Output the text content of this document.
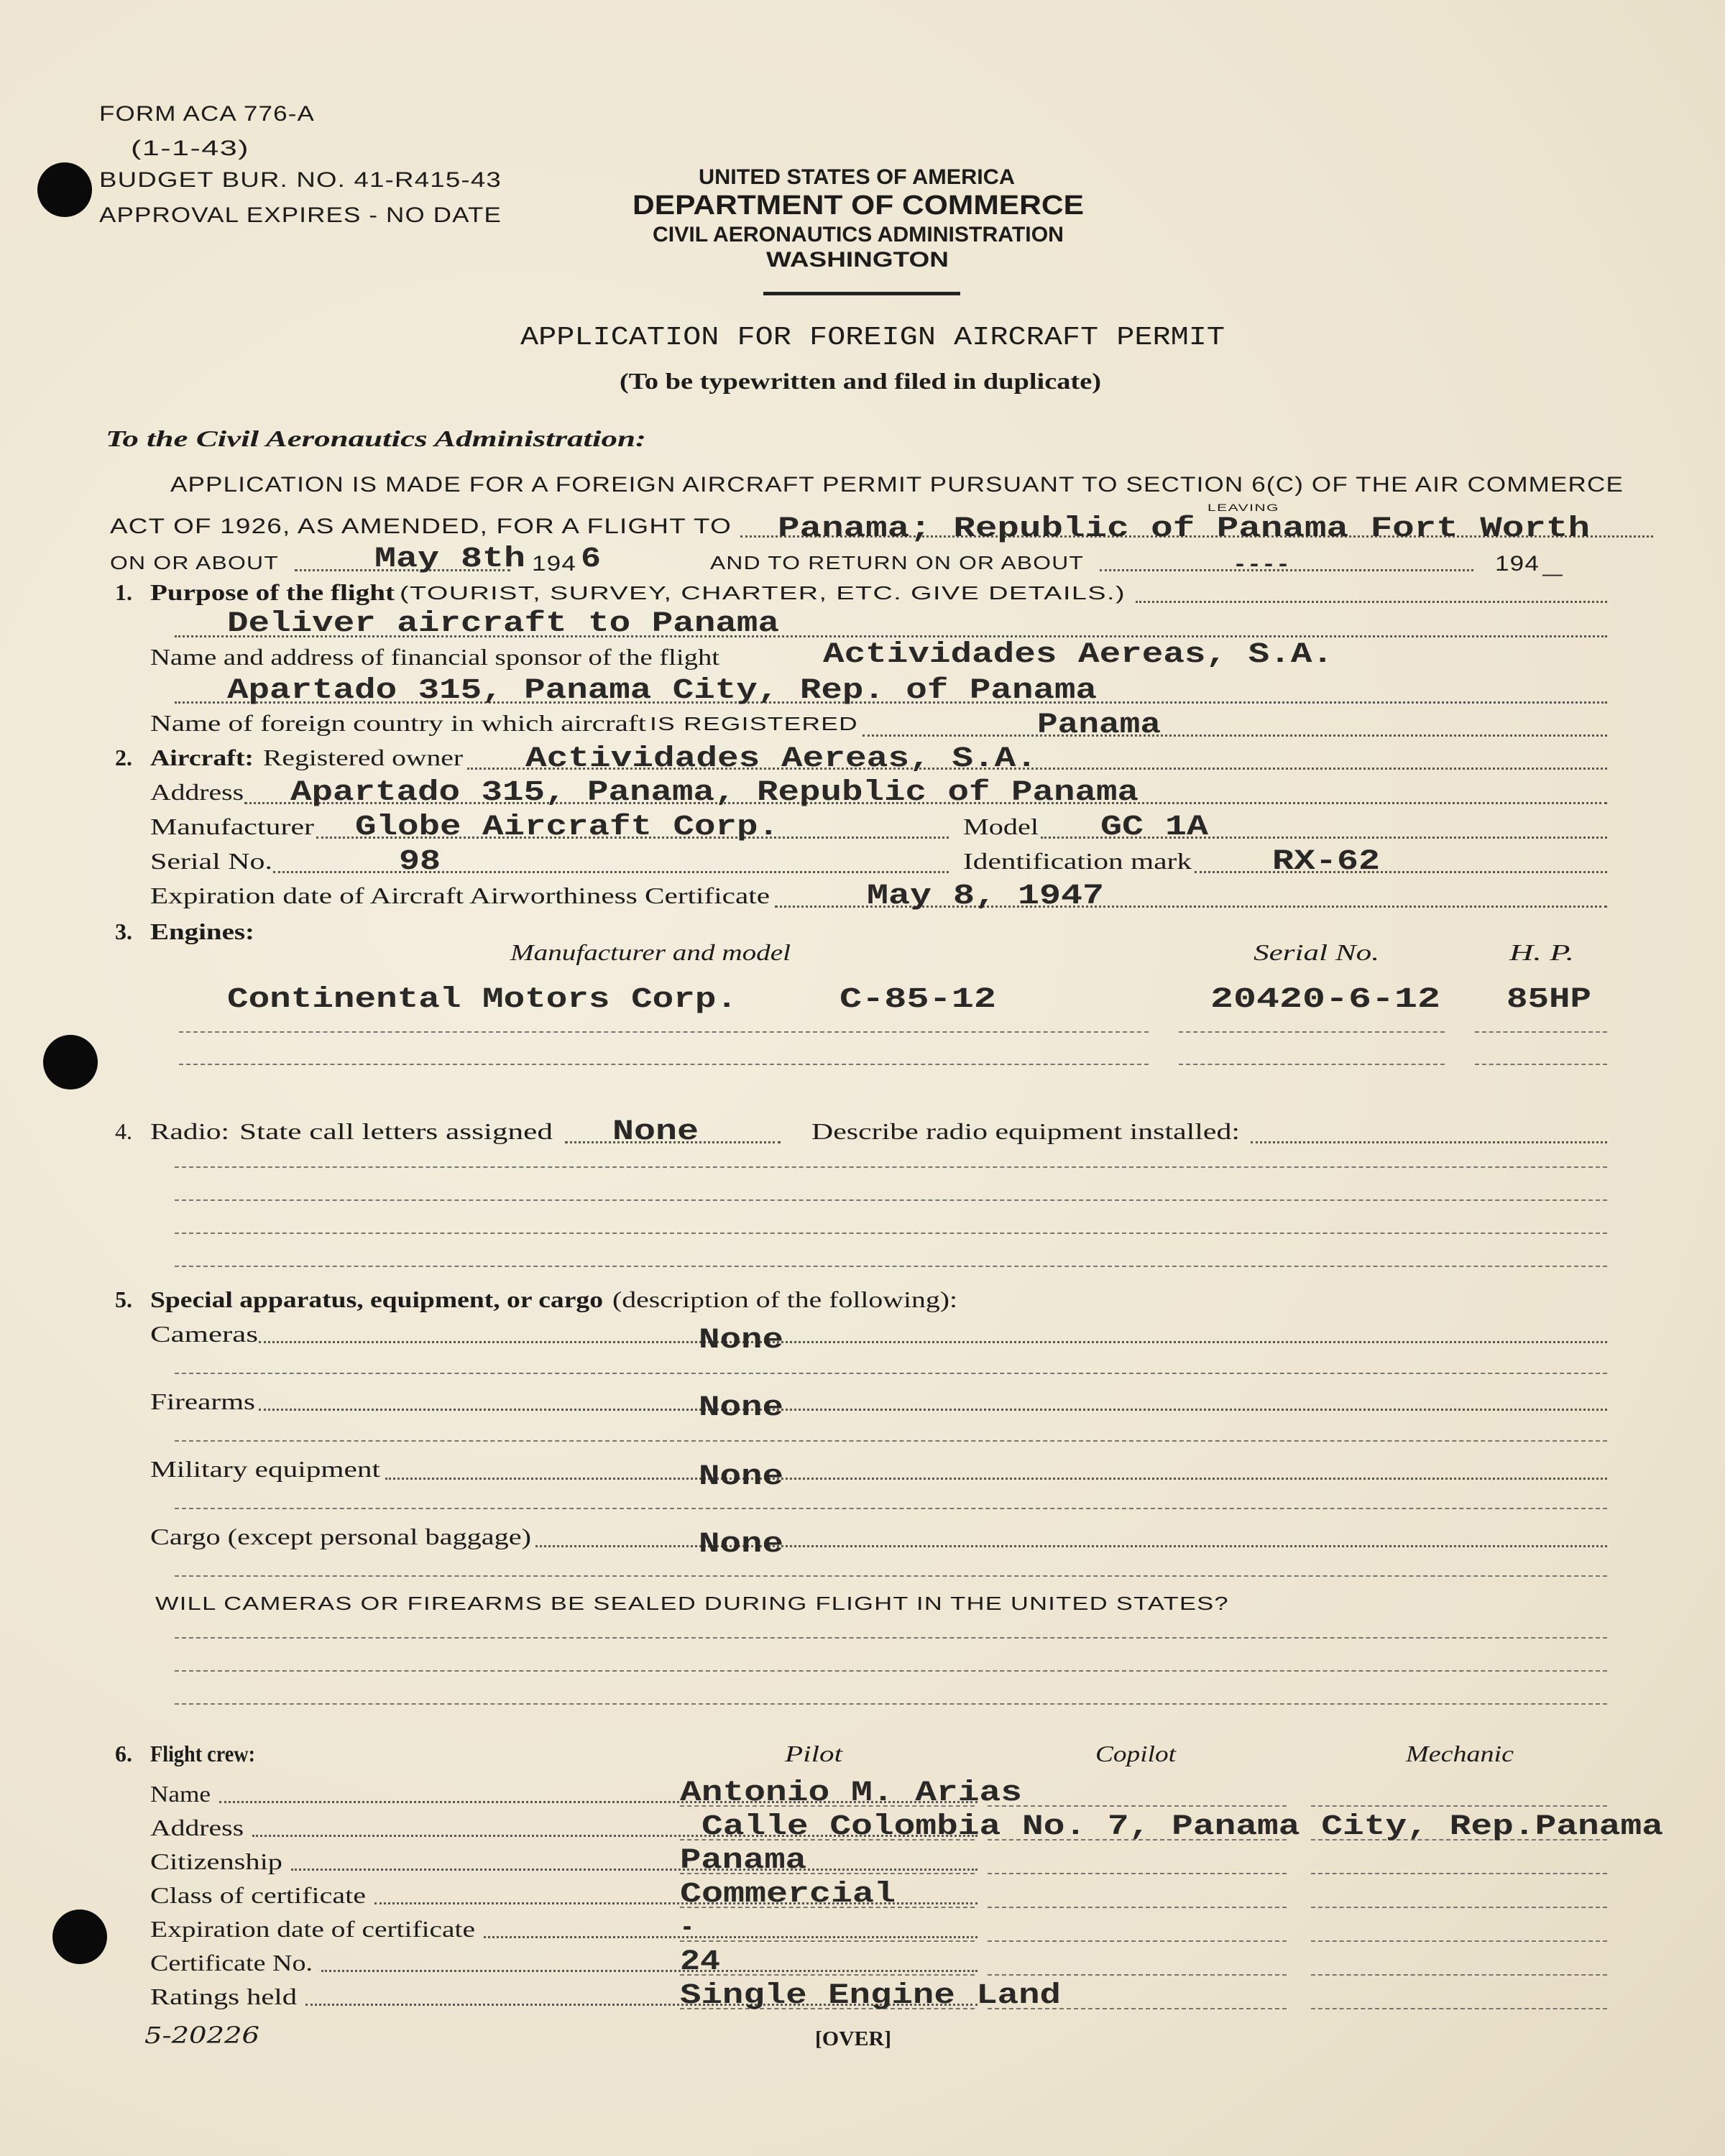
FORM ACA 776-A
(1-1-43)
BUDGET BUR. NO. 41-R415-43
APPROVAL EXPIRES - NO DATE
UNITED STATES OF AMERICA
DEPARTMENT OF COMMERCE
CIVIL AERONAUTICS ADMINISTRATION
WASHINGTON
APPLICATION FOR FOREIGN AIRCRAFT PERMIT
(To be typewritten and filed in duplicate)
To the Civil Aeronautics Administration:
APPLICATION IS MADE FOR A FOREIGN AIRCRAFT PERMIT PURSUANT TO SECTION 6(C) OF THE AIR COMMERCE
ACT OF 1926, AS AMENDED, FOR A FLIGHT TO
LEAVING
Panama; Republic of Panama Fort Worth
ON OR ABOUT	May 8th 194 6	AND TO RETURN ON OR ABOUT	----	194 _
1. Purpose of the flight (TOURIST, SURVEY, CHARTER, ETC. GIVE DETAILS.)
Deliver aircraft to Panama
Name and address of financial sponsor of the flight	Actividades Aereas, S.A.
Apartado 315, Panama City, Rep. of Panama
Name of foreign country in which aircraft IS REGISTERED	Panama
2. Aircraft: Registered owner Actividades Aereas, S.A.
Address Apartado 315, Panama, Republic of Panama
Manufacturer Globe Aircraft Corp.	Model GC 1A
Serial No.	98	Identification mark	RX-62
Expiration date of Aircraft Airworthiness Certificate	May 8, 1947
3. Engines:
Manufacturer and model	Serial No.	H. P.
Continental Motors Corp.	C-85-12	20420-6-12 85HP
4. Radio: State call letters assigned None	Describe radio equipment installed:
5. Special apparatus, equipment, or cargo (description of the following):
Cameras	None
Firearms	None
Military equipment	None
Cargo (except personal baggage)	None
WILL CAMERAS OR FIREARMS BE SEALED DURING FLIGHT IN THE UNITED STATES?
6. Flight crew:	Pilot	Copilot	Mechanic
Name	Antonio M. Arias
Address	Calle Colombia No. 7, Panama City, Rep.Panama
Citizenship	Panama
Class of certificate	Commercial
Expiration date of certificate	-
Certificate No.	24
Ratings held	Single Engine Land
5-20226	[OVER]
